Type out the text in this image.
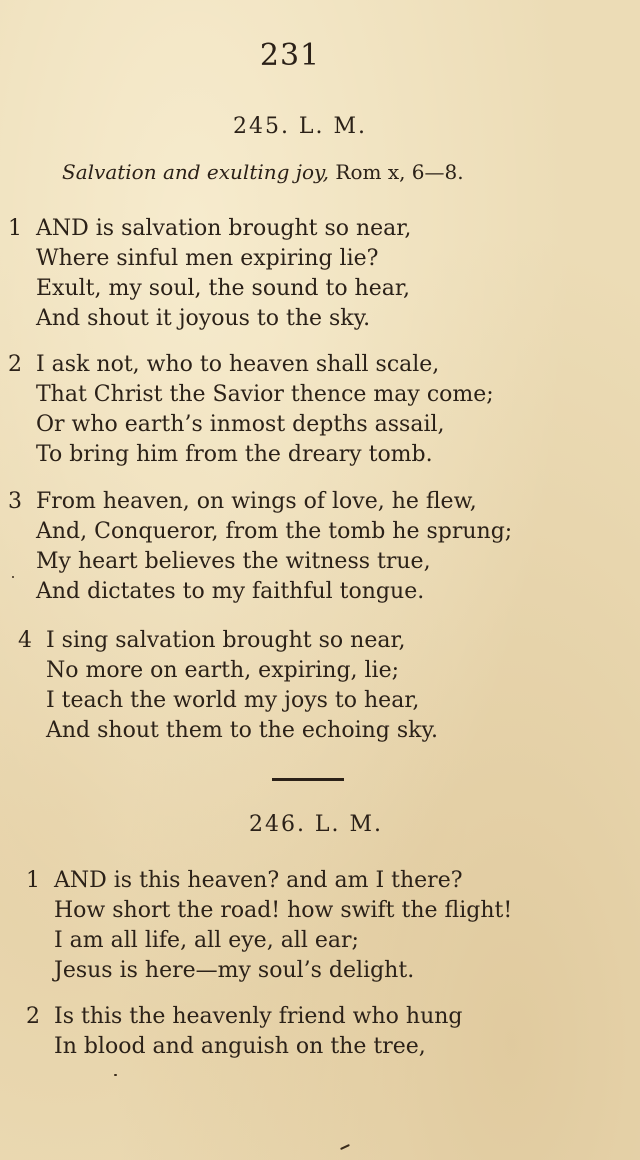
231
245. L. M.
Salvation and exulting joy, Rom x, 6—8.
1 AND is salvation brought so near,
Where sinful men expiring lie?
Exult, my soul, the sound to hear,
And shout it joyous to the sky.
2 I ask not, who to heaven shall scale,
That Christ the Savior thence may come;
Or who earth’s inmost depths assail,
To bring him from the dreary tomb.
3 From heaven, on wings of love, he flew,
And, Conqueror, from the tomb he sprung;
My heart believes the witness true,
And dictates to my faithful tongue.
4 I sing salvation brought so near,
No more on earth, expiring, lie;
I teach the world my joys to hear,
And shout them to the echoing sky.
246. L. M.
1 AND is this heaven? and am I there?
How short the road! how swift the flight!
I am all life, all eye, all ear;
Jesus is here—my soul’s delight.
2 Is this the heavenly friend who hung
In blood and anguish on the tree,
